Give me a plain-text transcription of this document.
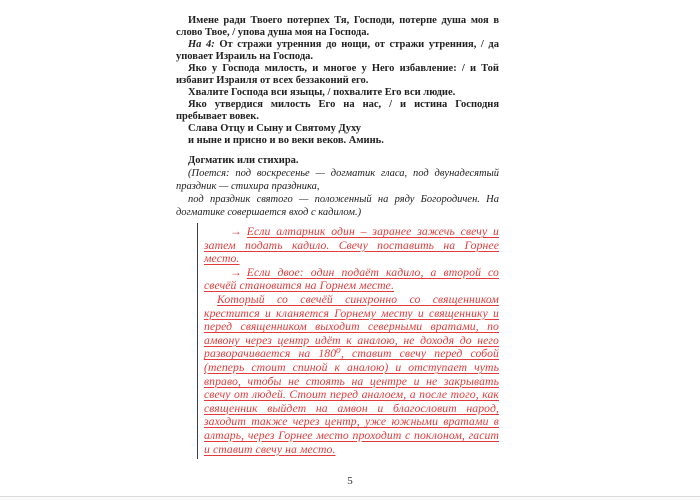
Имене ради Твоего потерпех Тя, Господи, потерпе душа моя в слово Твое, / упова душа моя на Господа.

На 4: От стражи утренния до нощи, от стражи утренния, / да уповает Израиль на Господа.

Яко у Господа милость, и многое у Него избавление: / и Той избавит Израиля от всех беззаконий его.

Хвалите Господа вси языцы, / похвалите Его вси людие.

Яко утвердися милость Его на нас, / и истина Господня пребывает вовек.

Слава Отцу и Сыну и Святому Духу

и ныне и присно и во веки веков. Аминь.

Догматик или стихира.

(Поется: под воскресенье — догматик гласа, под двунадесятый праздник — стихира праздника,

под праздник святого — положенный на ряду Богородичен. На догматике совершается вход с кадилом.)

→ Если алтарник один – заранее зажечь свечу и затем подать кадило. Свечу поставить на Горнее место.

→ Если двое: один подаёт кадило, а второй со свечёй становится на Горнем месте.

Который со свечёй синхронно со священником крестится и кланяется Горнему месту и священнику и перед священником выходит северными вратами, по амвону через центр идёт к аналою, не доходя до него разворачивается на 180⁰, ставит свечу перед собой (теперь стоит спиной к аналою) и отступает чуть вправо, чтобы не стоять на центре и не закрывать свечу от людей. Стоит перед аналоем, а после того, как священник выйдет на амвон и благословит народ, заходит также через центр, уже южными вратами в алтарь, через Горнее место проходит с поклоном, гасит и ставит свечу на место.

5
